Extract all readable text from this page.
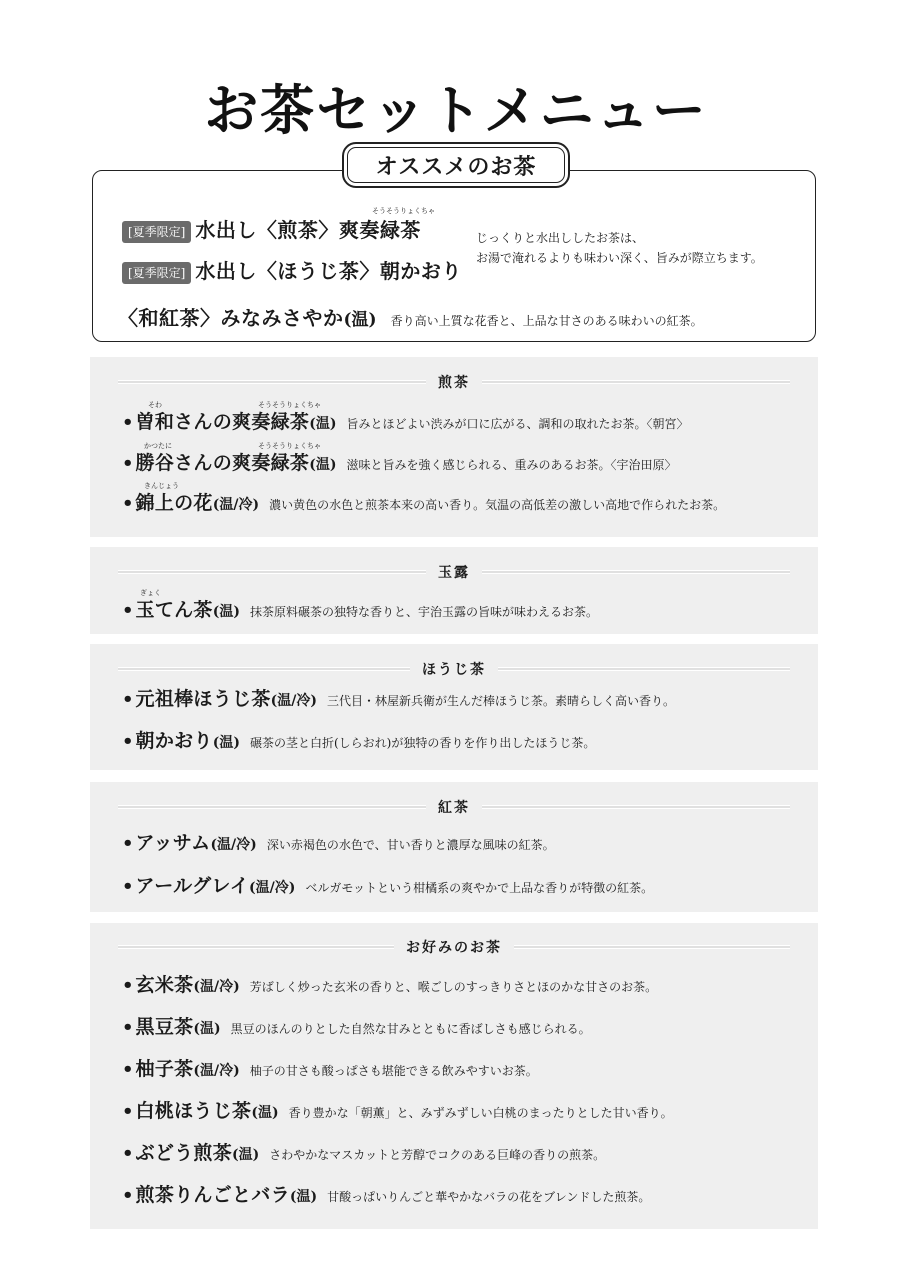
お茶セットメニュー
オススメのお茶
そうそうりょくちゃ
[夏季限定] 水出し〈煎茶〉爽奏緑茶
[夏季限定] 水出し〈ほうじ茶〉朝かおり
じっくりと水出ししたお茶は、
お湯で淹れるよりも味わい深く、旨みが際立ちます。
〈和紅茶〉みなみさやか (温) 香り高い上質な花香と、上品な甘さのある味わいの紅茶。
煎茶
そわ	そうそうりょくちゃ
• 曽和さんの爽奏緑茶 (温) 旨みとほどよい渋みが口に広がる、調和の取れたお茶。〈朝宮〉
かつたに	そうそうりょくちゃ
• 勝谷さんの爽奏緑茶 (温) 滋味と旨みを強く感じられる、重みのあるお茶。〈宇治田原〉
きんじょう
• 錦上の花 (温/冷) 濃い黄色の水色と煎茶本来の高い香り。気温の高低差の激しい高地で作られたお茶。
玉露
ぎょく
• 玉てん茶 (温) 抹茶原料碾茶の独特な香りと、宇治玉露の旨味が味わえるお茶。
ほうじ茶
• 元祖棒ほうじ茶 (温/冷) 三代目・林屋新兵衛が生んだ棒ほうじ茶。素晴らしく高い香り。
• 朝かおり (温) 碾茶の茎と白折(しらおれ)が独特の香りを作り出したほうじ茶。
紅茶
• アッサム (温/冷) 深い赤褐色の水色で、甘い香りと濃厚な風味の紅茶。
• アールグレイ (温/冷) ベルガモットという柑橘系の爽やかで上品な香りが特徴の紅茶。
お好みのお茶
• 玄米茶 (温/冷) 芳ばしく炒った玄米の香りと、喉ごしのすっきりさとほのかな甘さのお茶。
• 黒豆茶 (温) 黒豆のほんのりとした自然な甘みとともに香ばしさも感じられる。
• 柚子茶 (温/冷) 柚子の甘さも酸っぱさも堪能できる飲みやすいお茶。
• 白桃ほうじ茶 (温) 香り豊かな「朝薫」と、みずみずしい白桃のまったりとした甘い香り。
• ぶどう煎茶 (温) さわやかなマスカットと芳醇でコクのある巨峰の香りの煎茶。
• 煎茶りんごとバラ (温) 甘酸っぱいりんごと華やかなバラの花をブレンドした煎茶。
